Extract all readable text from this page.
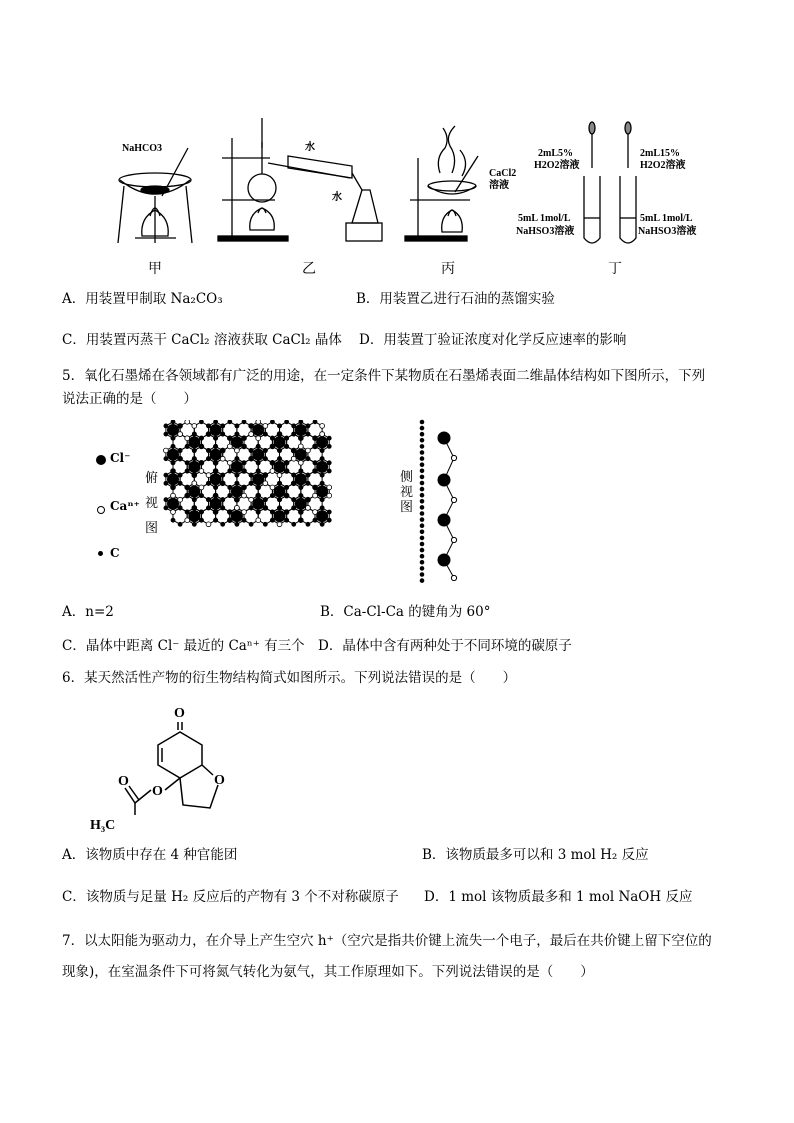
NaHCO3	水
水
CaCl2
溶液
2mL5%
H2O2溶液
2mL15%
H2O2溶液
5mL 1mol/L
NaHSO3溶液
5mL 1mol/L
NaHSO3溶液
甲	乙	丙	丁
A．用装置甲制取 Na₂CO₃	B．用装置乙进行石油的蒸馏实验
C．用装置丙蒸干 CaCl₂ 溶液获取 CaCl₂ 晶体 D．用装置丁验证浓度对化学反应速率的影响
5．氧化石墨烯在各领域都有广泛的用途，在一定条件下某物质在石墨烯表面二维晶体结构如下图所示，下列
说法正确的是（　　）
Cl⁻
Caⁿ⁺
C
俯视图
侧视图
A．n=2	B．Ca-Cl-Ca 的键角为 60°
C．晶体中距离 Cl⁻ 最近的 Caⁿ⁺ 有三个 D．晶体中含有两种处于不同环境的碳原子
6．某天然活性产物的衍生物结构简式如图所示。下列说法错误的是（　　）
O
O
O
O
H₃C
A．该物质中存在 4 种官能团	B．该物质最多可以和 3 mol H₂ 反应
C．该物质与足量 H₂ 反应后的产物有 3 个不对称碳原子 D．1 mol 该物质最多和 1 mol NaOH 反应
7．以太阳能为驱动力，在介导上产生空穴 h⁺（空穴是指共价键上流失一个电子，最后在共价键上留下空位的
现象)，在室温条件下可将氮气转化为氨气，其工作原理如下。下列说法错误的是（　　）
